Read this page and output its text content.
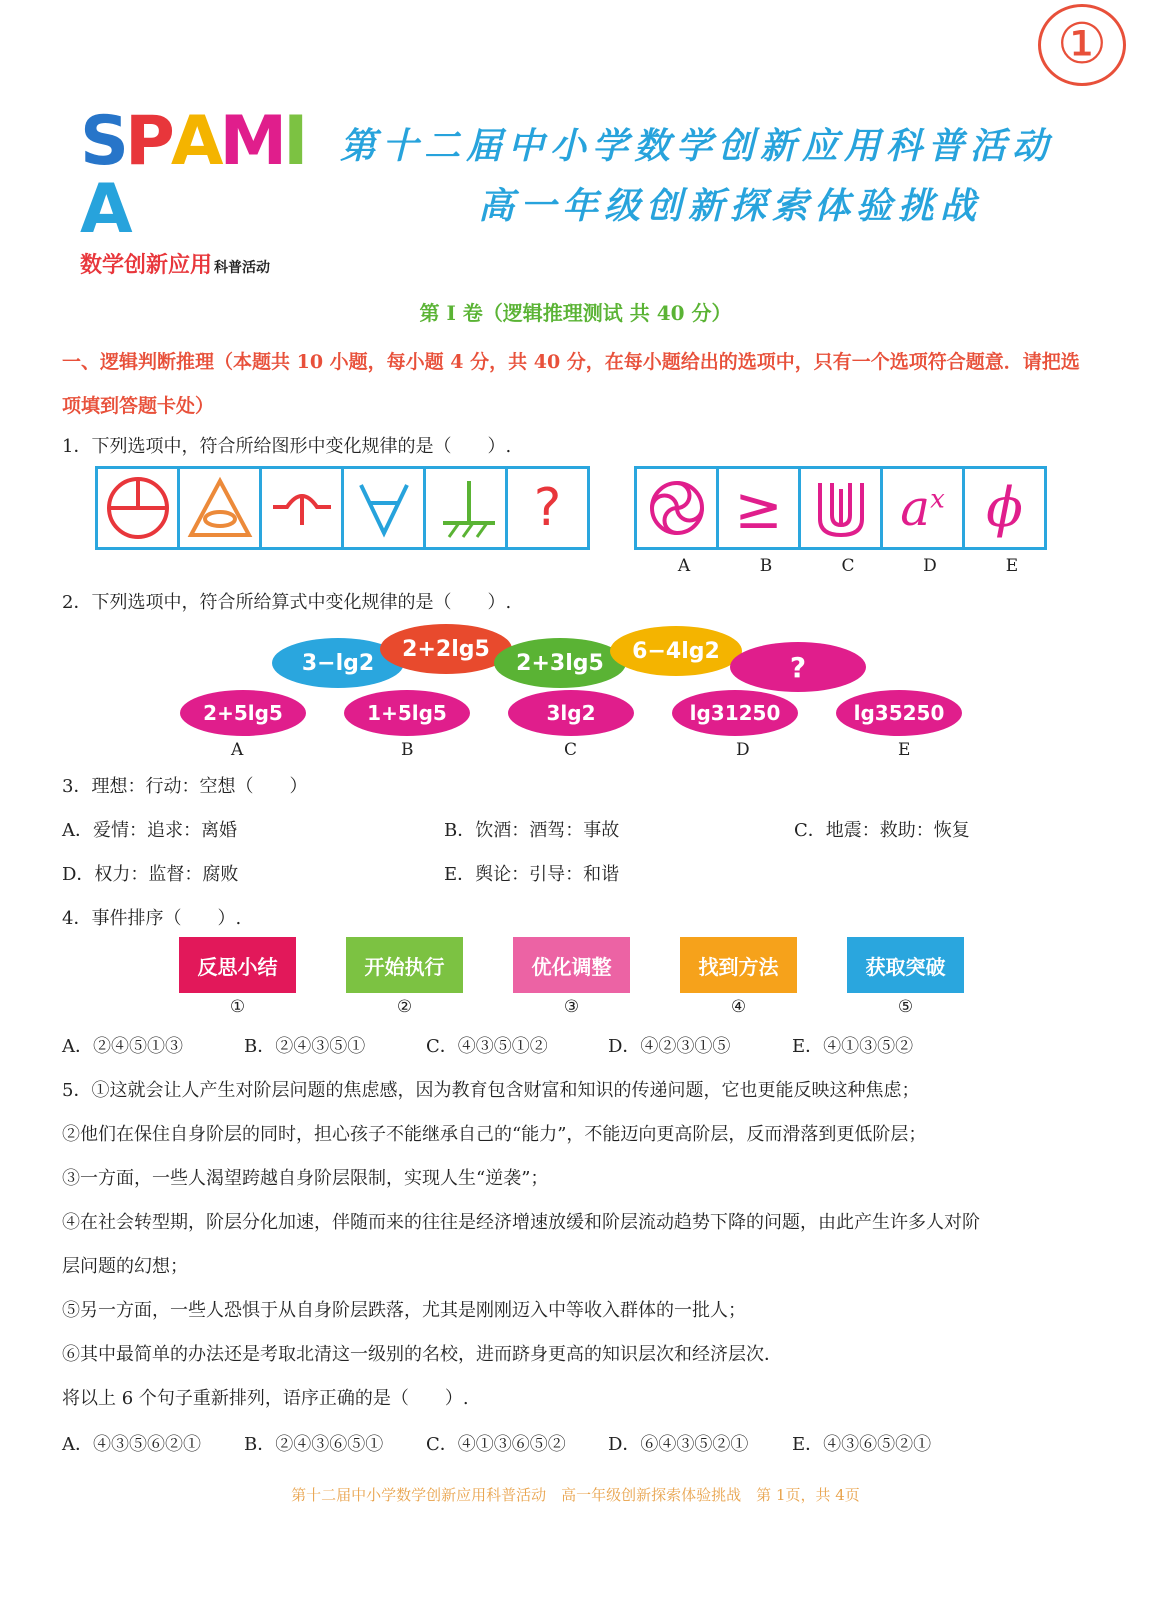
①
SPAMIA
数学创新应用 科普活动
第十二届中小学数学创新应用科普活动
高一年级创新探索体验挑战
第 I 卷（逻辑推理测试 共 40 分）
一、逻辑判断推理（本题共 10 小题，每小题 4 分，共 40 分，在每小题给出的选项中，只有一个选项符合题意．请把选项填到答题卡处）
1．下列选项中，符合所给图形中变化规律的是（　　）.
?	≥ $a^x$ ϕ
A	B	C	D	E
2．下列选项中，符合所给算式中变化规律的是（　　）.
3−lg2
2+2lg5
2+3lg5	6−4lg2	?
2+5lg5	1+5lg5	3lg2	lg31250	lg35250
A	B	C	D	E
3．理想：行动：空想（　　）
A．爱情：追求：离婚	B．饮酒：酒驾：事故	C．地震：救助：恢复
D．权力：监督：腐败	E．舆论：引导：和谐
4．事件排序（　　）.
反思小结	开始执行	优化调整	找到方法	获取突破
①	②	③	④	⑤
A．②④⑤①③	B．②④③⑤①	C．④③⑤①②	D．④②③①⑤	E．④①③⑤②
5．①这就会让人产生对阶层问题的焦虑感，因为教育包含财富和知识的传递问题，它也更能反映这种焦虑；
②他们在保住自身阶层的同时，担心孩子不能继承自己的“能力”，不能迈向更高阶层，反而滑落到更低阶层；
③一方面，一些人渴望跨越自身阶层限制，实现人生“逆袭”；
④在社会转型期，阶层分化加速，伴随而来的往往是经济增速放缓和阶层流动趋势下降的问题，由此产生许多人对阶
层问题的幻想；
⑤另一方面，一些人恐惧于从自身阶层跌落，尤其是刚刚迈入中等收入群体的一批人；
⑥其中最简单的办法还是考取北清这一级别的名校，进而跻身更高的知识层次和经济层次．
将以上 6 个句子重新排列，语序正确的是（　　）.
A．④③⑤⑥②① B．②④③⑥⑤① C．④①③⑥⑤② D．⑥④③⑤②① E．④③⑥⑤②①
第十二届中小学数学创新应用科普活动　高一年级创新探索体验挑战　第 1页，共 4页
